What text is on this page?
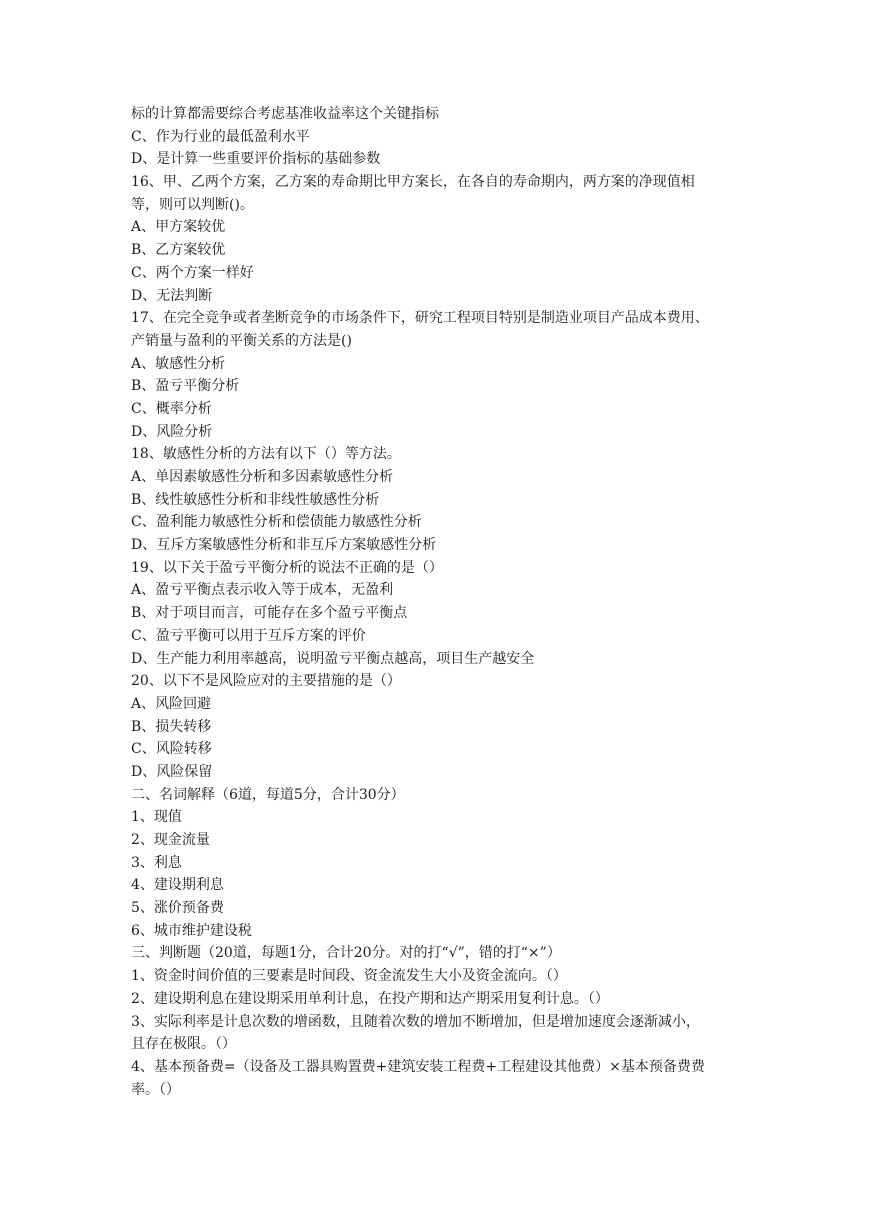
标的计算都需要综合考虑基准收益率这个关键指标
C、作为行业的最低盈利水平
D、是计算一些重要评价指标的基础参数
16、甲、乙两个方案，乙方案的寿命期比甲方案长，在各自的寿命期内，两方案的净现值相
等，则可以判断()。
A、甲方案较优
B、乙方案较优
C、两个方案一样好
D、无法判断
17、在完全竞争或者垄断竞争的市场条件下，研究工程项目特别是制造业项目产品成本费用、
产销量与盈利的平衡关系的方法是()
A、敏感性分析
B、盈亏平衡分析
C、概率分析
D、风险分析
18、敏感性分析的方法有以下（）等方法。
A、单因素敏感性分析和多因素敏感性分析
B、线性敏感性分析和非线性敏感性分析
C、盈利能力敏感性分析和偿债能力敏感性分析
D、互斥方案敏感性分析和非互斥方案敏感性分析
19、以下关于盈亏平衡分析的说法不正确的是（）
A、盈亏平衡点表示收入等于成本，无盈利
B、对于项目而言，可能存在多个盈亏平衡点
C、盈亏平衡可以用于互斥方案的评价
D、生产能力利用率越高，说明盈亏平衡点越高，项目生产越安全
20、以下不是风险应对的主要措施的是（）
A、风险回避
B、损失转移
C、风险转移
D、风险保留
二、名词解释（6道，每道5分，合计30分）
1、现值
2、现金流量
3、利息
4、建设期利息
5、涨价预备费
6、城市维护建设税
三、判断题（20道，每题1分，合计20分。对的打“√”，错的打“×”）
1、资金时间价值的三要素是时间段、资金流发生大小及资金流向。（）
2、建设期利息在建设期采用单利计息，在投产期和达产期采用复利计息。（）
3、实际利率是计息次数的增函数，且随着次数的增加不断增加，但是增加速度会逐渐减小，
且存在极限。（）
4、基本预备费=（设备及工器具购置费+建筑安装工程费+工程建设其他费）×基本预备费费
率。（）
